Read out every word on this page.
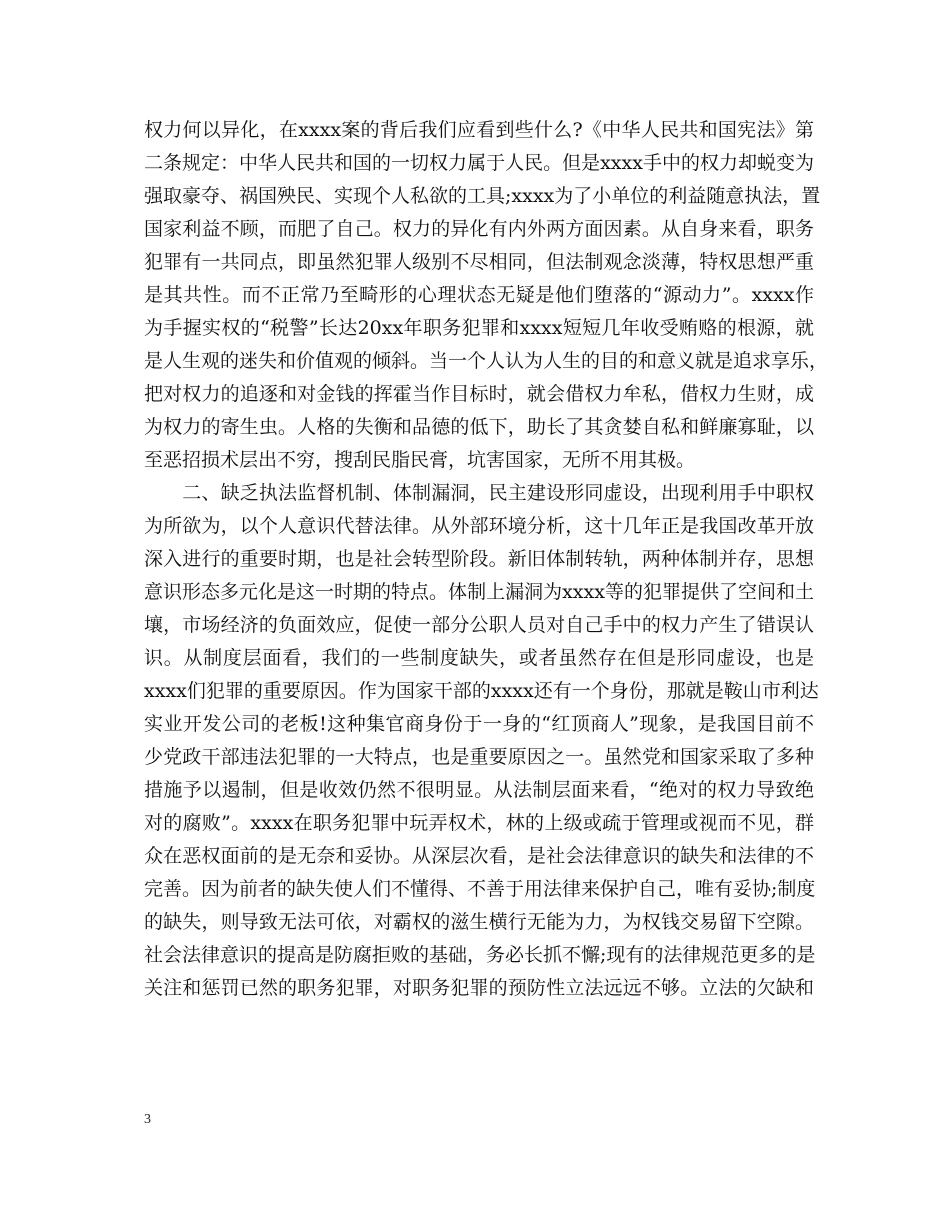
权力何以异化，在xxxx案的背后我们应看到些什么?《中华人民共和国宪法》第
二条规定：中华人民共和国的一切权力属于人民。但是xxxx手中的权力却蜕变为
强取豪夺、祸国殃民、实现个人私欲的工具;xxxx为了小单位的利益随意执法，置
国家利益不顾，而肥了自己。权力的异化有内外两方面因素。从自身来看，职务
犯罪有一共同点，即虽然犯罪人级别不尽相同，但法制观念淡薄，特权思想严重
是其共性。而不正常乃至畸形的心理状态无疑是他们堕落的“源动力”。xxxx作
为手握实权的“税警”长达20xx年职务犯罪和xxxx短短几年收受贿赂的根源，就
是人生观的迷失和价值观的倾斜。当一个人认为人生的目的和意义就是追求享乐，
把对权力的追逐和对金钱的挥霍当作目标时，就会借权力牟私，借权力生财，成
为权力的寄生虫。人格的失衡和品德的低下，助长了其贪婪自私和鲜廉寡耻，以
至恶招损术层出不穷，搜刮民脂民膏，坑害国家，无所不用其极。
　　二、缺乏执法监督机制、体制漏洞，民主建设形同虚设，出现利用手中职权
为所欲为，以个人意识代替法律。从外部环境分析，这十几年正是我国改革开放
深入进行的重要时期，也是社会转型阶段。新旧体制转轨，两种体制并存，思想
意识形态多元化是这一时期的特点。体制上漏洞为xxxx等的犯罪提供了空间和土
壤，市场经济的负面效应，促使一部分公职人员对自己手中的权力产生了错误认
识。从制度层面看，我们的一些制度缺失，或者虽然存在但是形同虚设，也是
xxxx们犯罪的重要原因。作为国家干部的xxxx还有一个身份，那就是鞍山市利达
实业开发公司的老板!这种集官商身份于一身的“红顶商人”现象，是我国目前不
少党政干部违法犯罪的一大特点，也是重要原因之一。虽然党和国家采取了多种
措施予以遏制，但是收效仍然不很明显。从法制层面来看，“绝对的权力导致绝
对的腐败”。xxxx在职务犯罪中玩弄权术，林的上级或疏于管理或视而不见，群
众在恶权面前的是无奈和妥协。从深层次看，是社会法律意识的缺失和法律的不
完善。因为前者的缺失使人们不懂得、不善于用法律来保护自己，唯有妥协;制度
的缺失，则导致无法可依，对霸权的滋生横行无能为力，为权钱交易留下空隙。
社会法律意识的提高是防腐拒败的基础，务必长抓不懈;现有的法律规范更多的是
关注和惩罚已然的职务犯罪，对职务犯罪的预防性立法远远不够。立法的欠缺和
3
